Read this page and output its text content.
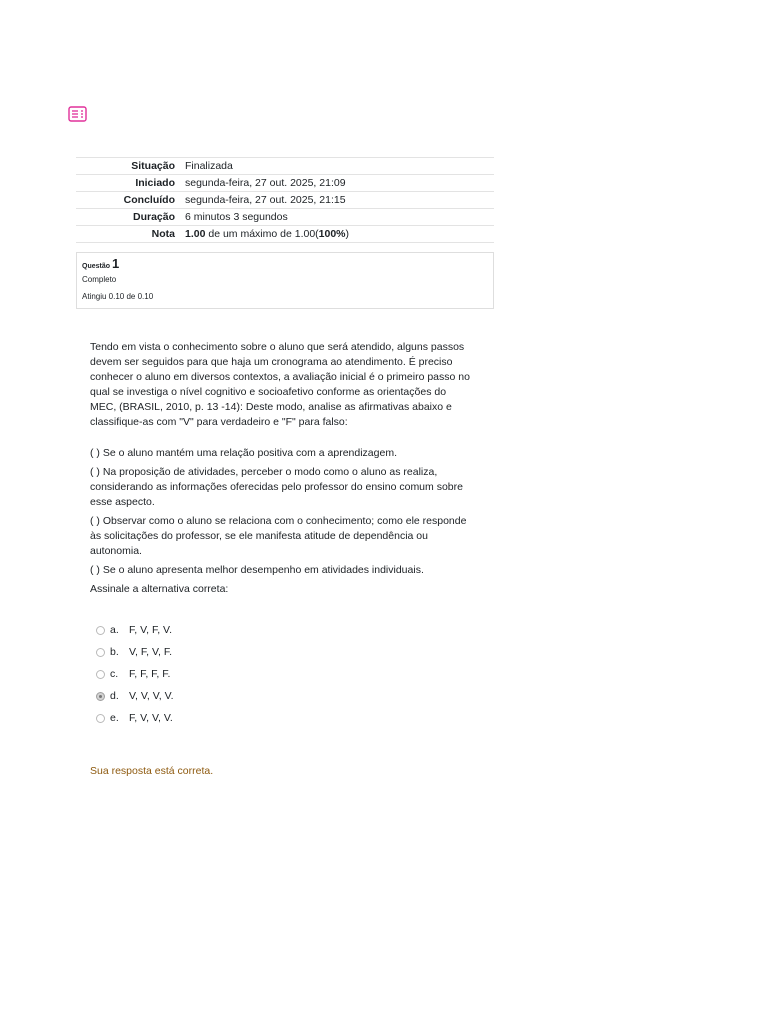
Situação	Finalizada
Iniciado	segunda-feira, 27 out. 2025, 21:09
Concluído	segunda-feira, 27 out. 2025, 21:15
Duração	6 minutos 3 segundos
Nota	1.00 de um máximo de 1.00(100%)
Questão 1
Completo
Atingiu 0.10 de 0.10

Tendo em vista o conhecimento sobre o aluno que será atendido, alguns passos devem ser seguidos para que haja um cronograma ao atendimento. É preciso conhecer o aluno em diversos contextos, a avaliação inicial é o primeiro passo no qual se investiga o nível cognitivo e socioafetivo conforme as orientações do MEC, (BRASIL, 2010, p. 13 -14): Deste modo, analise as afirmativas abaixo e classifique-as com "V" para verdadeiro e "F" para falso:

( ) Se o aluno mantém uma relação positiva com a aprendizagem.

( ) Na proposição de atividades, perceber o modo como o aluno as realiza, considerando as informações oferecidas pelo professor do ensino comum sobre esse aspecto.

( ) Observar como o aluno se relaciona com o conhecimento; como ele responde às solicitações do professor, se ele manifesta atitude de dependência ou autonomia.

( ) Se o aluno apresenta melhor desempenho em atividades individuais.

Assinale a alternativa correta:

a. F, V, F, V.
b. V, F, V, F.
c. F, F, F, F.
d. V, V, V, V.
e. F, V, V, V.
Sua resposta está correta.
